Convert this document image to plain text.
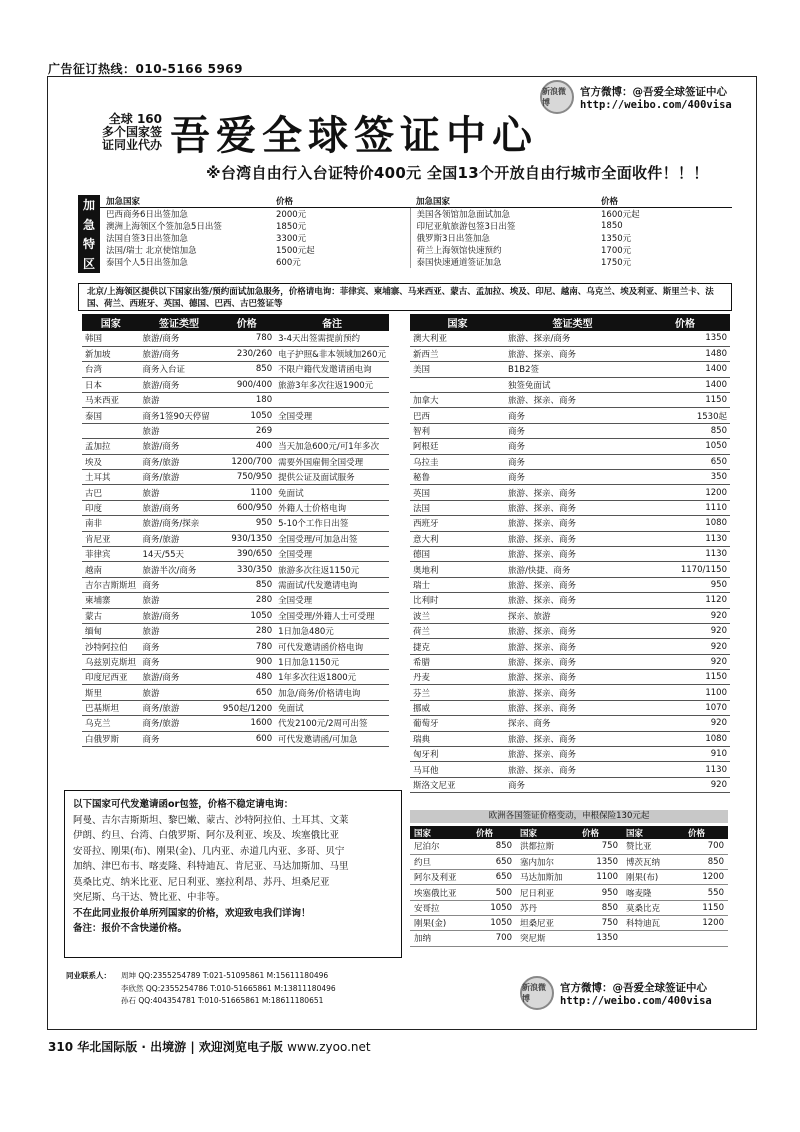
广告征订热线：010-5166 5969
新浪微博
官方微博：@吾爱全球签证中心
http://weibo.com/400visa
全球 160
多个国家签
证同业代办 吾爱全球签证中心
※台湾自由行入台证特价400元 全国13个开放自由行城市全面收件！！！
加
急
特
区
加急国家	价格	加急国家	价格
巴西商务6日出签加急	2000元	美国各领馆加急面试加急	1600元起
澳洲上海领区个签加急5日出签	1850元	印尼亚航旅游包签3日出签	1850
法国自签3日出签加急	3300元	俄罗斯3日出签加急	1350元
法国/瑞士 北京使馆加急	1500元起	荷兰上海领馆快速预约	1700元
泰国个人5日出签加急	600元	泰国快速通道签证加急	1750元
北京/上海领区提供以下国家出签/预约面试加急服务，价格请电询：菲律宾、柬埔寨、马来西亚、蒙古、孟加拉、埃及、印尼、越南、乌克兰、埃及利亚、斯里兰卡、法国、荷兰、西班牙、英国、德国、巴西、古巴签证等
国家	签证类型	价格	备注
韩国	旅游/商务	780	3-4天出签需提前预约
新加坡	旅游/商务	230/260	电子护照&非本领域加260元
台湾	商务入台证	850	不限户籍代发邀请函电询
日本	旅游/商务	900/400	旅游3年多次往返1900元
马来西亚	旅游	180	
泰国	商务1签90天停留	1050	全国受理
	旅游	269	
孟加拉	旅游/商务	400	当天加急600元/可1年多次
埃及	商务/旅游	1200/700	需要外国雇佣全国受理
土耳其	商务/旅游	750/950	提供公证及面试服务
古巴	旅游	1100	免面试
印度	旅游/商务	600/950	外籍人士价格电询
南非	旅游/商务/探亲	950	5-10个工作日出签
肯尼亚	商务/旅游	930/1350	全国受理/可加急出签
菲律宾	14天/55天	390/650	全国受理
越南	旅游半次/商务	330/350	旅游多次往返1150元
吉尔吉斯斯坦	商务	850	需面试/代发邀请电询
柬埔寨	旅游	280	全国受理
蒙古	旅游/商务	1050	全国受理/外籍人士可受理
缅甸	旅游	280	1日加急480元
沙特阿拉伯	商务	780	可代发邀请函价格电询
乌兹别克斯坦	商务	900	1日加急1150元
印度尼西亚	旅游/商务	480	1年多次往返1800元
斯里	旅游	650	加急/商务/价格请电询
巴基斯坦	商务/旅游	950起/1200	免面试
乌克兰	商务/旅游	1600	代发2100元/2周可出签
白俄罗斯	商务	600	可代发邀请函/可加急
国家	签证类型	价格
澳大利亚	旅游、探亲/商务	1350
新西兰	旅游、探亲、商务	1480
美国	B1B2签	1400
	独签免面试	1400
加拿大	旅游、探亲、商务	1150
巴西	商务	1530起
智利	商务	850
阿根廷	商务	1050
乌拉圭	商务	650
秘鲁	商务	350
英国	旅游、探亲、商务	1200
法国	旅游、探亲、商务	1110
西班牙	旅游、探亲、商务	1080
意大利	旅游、探亲、商务	1130
德国	旅游、探亲、商务	1130
奥地利	旅游/快捷、商务	1170/1150
瑞士	旅游、探亲、商务	950
比利时	旅游、探亲、商务	1120
波兰	探亲、旅游	920
荷兰	旅游、探亲、商务	920
捷克	旅游、探亲、商务	920
希腊	旅游、探亲、商务	920
丹麦	旅游、探亲、商务	1150
芬兰	旅游、探亲、商务	1100
挪威	旅游、探亲、商务	1070
葡萄牙	探亲、商务	920
瑞典	旅游、探亲、商务	1080
匈牙利	旅游、探亲、商务	910
马耳他	旅游、探亲、商务	1130
斯洛文尼亚	商务	920
欧洲各国签证价格变动，申根保险130元起
国家	价格	国家	价格	国家	价格
尼泊尔	850	洪都拉斯	750	赞比亚	700
约旦	650	塞内加尔	1350	博茨瓦纳	850
阿尔及利亚	650	马达加斯加	1100	刚果(布)	1200
埃塞俄比亚	500	尼日利亚	950	喀麦隆	550
安哥拉	1050	苏丹	850	莫桑比克	1150
刚果(金)	1050	坦桑尼亚	750	科特迪瓦	1200
加纳	700	突尼斯	1350		
以下国家可代发邀请函or包签，价格不稳定请电询：
阿曼、吉尔吉斯斯坦、黎巴嫩、蒙古、沙特阿拉伯、土耳其、文莱
伊朗、约旦、台湾、白俄罗斯、阿尔及利亚、埃及、埃塞俄比亚
安哥拉、刚果(布)、刚果(金)、几内亚、赤道几内亚、多哥、贝宁
加纳、津巴布韦、喀麦隆、科特迪瓦、肯尼亚、马达加斯加、马里
莫桑比克、纳米比亚、尼日利亚、塞拉利昂、苏丹、坦桑尼亚
突尼斯、乌干达、赞比亚、中非等。
不在此同业报价单所列国家的价格，欢迎致电我们详询！
备注：报价不含快递价格。
同业联系人： 周坤 QQ:2355254789 T:021-51095861 M:15611180496
李欣然 QQ:2355254786 T:010-51665861 M:13811180496
孙石 QQ:404354781 T:010-51665861 M:18611180651
新浪微博
官方微博：@吾爱全球签证中心
http://weibo.com/400visa
310 华北国际版 · 出境游 | 欢迎浏览电子版 www.zyoo.net
